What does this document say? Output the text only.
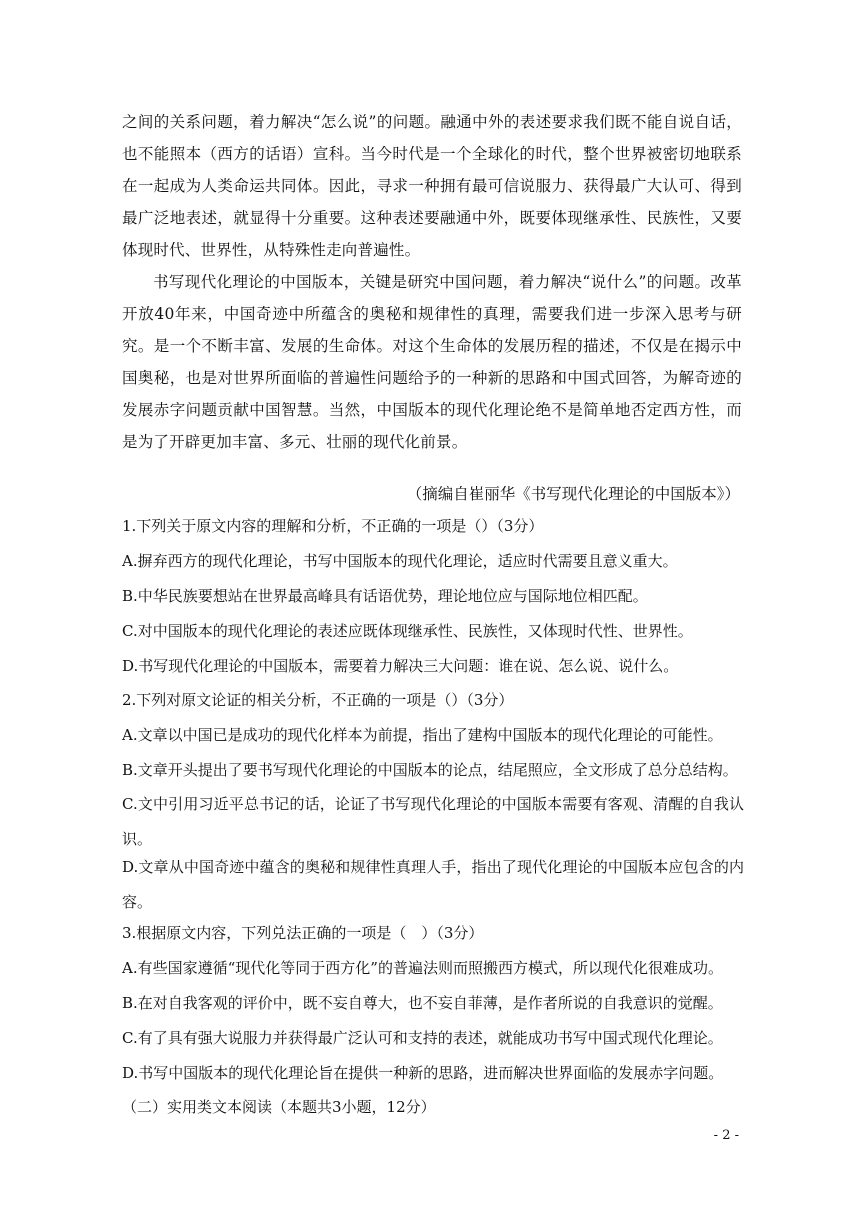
之间的关系问题，着力解决“怎么说”的问题。融通中外的表述要求我们既不能自说自话，也不能照本（西方的话语）宣科。当今时代是一个全球化的时代，整个世界被密切地联系在一起成为人类命运共同体。因此，寻求一种拥有最可信说服力、获得最广大认可、得到最广泛地表述，就显得十分重要。这种表述要融通中外，既要体现继承性、民族性，又要体现时代、世界性，从特殊性走向普遍性。

书写现代化理论的中国版本，关键是研究中国问题，着力解决“说什么”的问题。改革开放40年来，中国奇迹中所蕴含的奥秘和规律性的真理，需要我们进一步深入思考与研究。是一个不断丰富、发展的生命体。对这个生命体的发展历程的描述，不仅是在揭示中国奥秘，也是对世界所面临的普遍性问题给予的一种新的思路和中国式回答，为解奇迹的 发展赤字问题贡献中国智慧。当然，中国版本的现代化理论绝不是简单地否定西方性，而是为了开辟更加丰富、多元、壮丽的现代化前景。

（摘编自崔丽华《书写现代化理论的中国版本》）

1.下列关于原文内容的理解和分析，不正确的一项是（）（3分）

A.摒弃西方的现代化理论，书写中国版本的现代化理论，适应时代需要且意义重大。

B.中华民族要想站在世界最高峰具有话语优势，理论地位应与国际地位相匹配。

C.对中国版本的现代化理论的表述应既体现继承性、民族性，又体现时代性、世界性。

D.书写现代化理论的中国版本，需要着力解决三大问题：谁在说、怎么说、说什么。

2.下列对原文论证的相关分析，不正确的一项是（）（3分）

A.文章以中国已是成功的现代化样本为前提，指出了建构中国版本的现代化理论的可能性。

B.文章开头提出了要书写现代化理论的中国版本的论点，结尾照应，全文形成了总分总结构。

C.文中引用习近平总书记的话，论证了书写现代化理论的中国版本需要有客观、清醒的自我认识。

D.文章从中国奇迹中蕴含的奥秘和规律性真理人手，指出了现代化理论的中国版本应包含的内容。

3.根据原文内容，下列兑法正确的一项是（　）（3分）

A.有些国家遵循“现代化等同于西方化”的普遍法则而照搬西方模式，所以现代化很难成功。

B.在对自我客观的评价中，既不妄自尊大，也不妄自菲薄，是作者所说的自我意识的觉醒。

C.有了具有强大说服力并获得最广泛认可和支持的表述，就能成功书写中国式现代化理论。

D.书写中国版本的现代化理论旨在提供一种新的思路，进而解决世界面临的发展赤字问题。

（二）实用类文本阅读（本题共3小题，12分）

- 2 -
